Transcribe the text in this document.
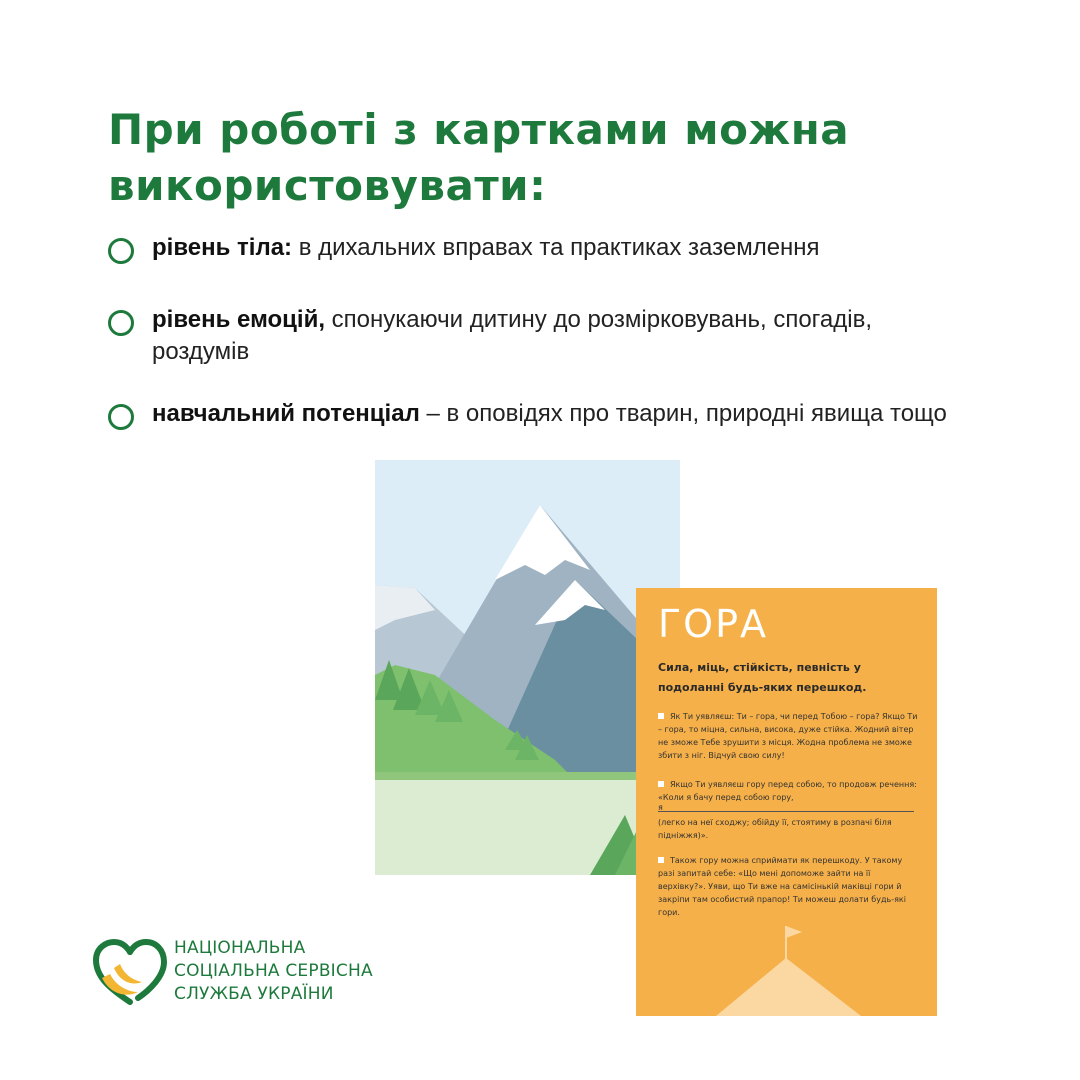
При роботі з картками можна використовувати:
рівень тіла: в дихальних вправах та практиках заземлення
рівень емоцій, спонукаючи дитину до розмірковувань, спогадів, роздумів
навчальний потенціал – в оповідях про тварин, природні явища тощо
ГОРА
Сила, міць, стійкість, певність у подоланні будь-яких перешкод.
Як Ти уявляєш: Ти – гора, чи перед Тобою – гора? Якщо Ти – гора, то міцна, сильна, висока, дуже стійка. Жодний вітер не зможе Тебе зрушити з місця. Жодна проблема не зможе збити з ніг. Відчуй свою силу!
Якщо Ти уявляєш гору перед собою, то продовж речення: «Коли я бачу перед собою гору,
я
(легко на неї сходжу; обійду її, стоятиму в розпачі біля підніжжя)».
Також гору можна сприймати як перешкоду. У такому разі запитай себе: «Що мені допоможе зайти на її верхівку?». Уяви, що Ти вже на самісінькій маківці гори й закріпи там особистий прапор! Ти можеш долати будь-які гори.
НАЦІОНАЛЬНА
СОЦІАЛЬНА СЕРВІСНА
СЛУЖБА УКРАЇНИ
